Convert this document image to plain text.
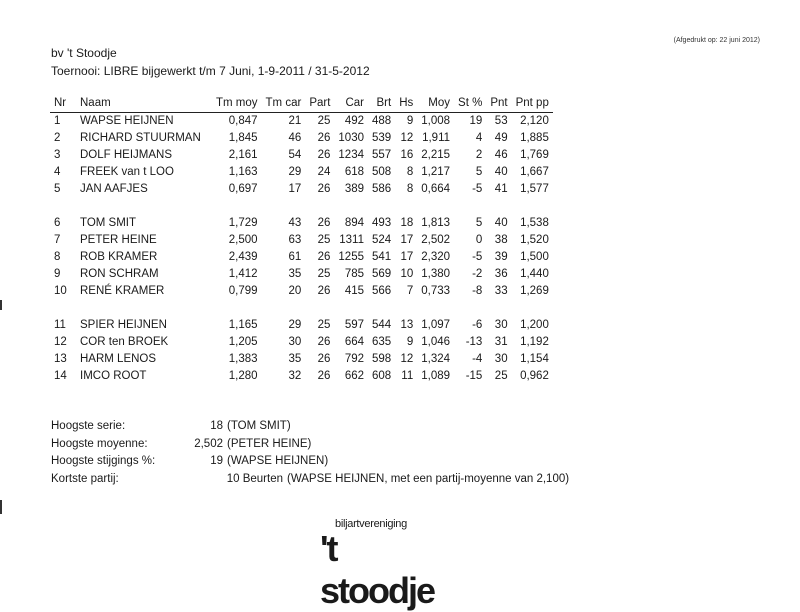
(Afgedrukt op: 22 juni 2012)
bv 't Stoodje
Toernooi: LIBRE bijgewerkt t/m 7 Juni, 1-9-2011 / 31-5-2012
Nr	Naam	Tm moy	Tm car	Part	Car	Brt	Hs	Moy	St %	Pnt	Pnt pp
1	WAPSE HEIJNEN	0,847	21	25	492	488	9	1,008	19	53	2,120
2	RICHARD STUURMAN	1,845	46	26	1030	539	12	1,911	4	49	1,885
3	DOLF HEIJMANS	2,161	54	26	1234	557	16	2,215	2	46	1,769
4	FREEK van t LOO	1,163	29	24	618	508	8	1,217	5	40	1,667
5	JAN AAFJES	0,697	17	26	389	586	8	0,664	-5	41	1,577

6	TOM SMIT	1,729	43	26	894	493	18	1,813	5	40	1,538
7	PETER HEINE	2,500	63	25	1311	524	17	2,502	0	38	1,520
8	ROB KRAMER	2,439	61	26	1255	541	17	2,320	-5	39	1,500
9	RON SCHRAM	1,412	35	25	785	569	10	1,380	-2	36	1,440
10	RENÉ KRAMER	0,799	20	26	415	566	7	0,733	-8	33	1,269

11	SPIER HEIJNEN	1,165	29	25	597	544	13	1,097	-6	30	1,200
12	COR ten BROEK	1,205	30	26	664	635	9	1,046	-13	31	1,192
13	HARM LENOS	1,383	35	26	792	598	12	1,324	-4	30	1,154
14	IMCO ROOT	1,280	32	26	662	608	11	1,089	-15	25	0,962
Hoogste serie:	18 (TOM SMIT)
Hoogste moyenne:	2,502 (PETER HEINE)
Hoogste stijgings %:	19 (WAPSE HEIJNEN)
Kortste partij:	10 Beurten (WAPSE HEIJNEN, met een partij-moyenne van 2,100)
biljartvereniging
't stoodje
